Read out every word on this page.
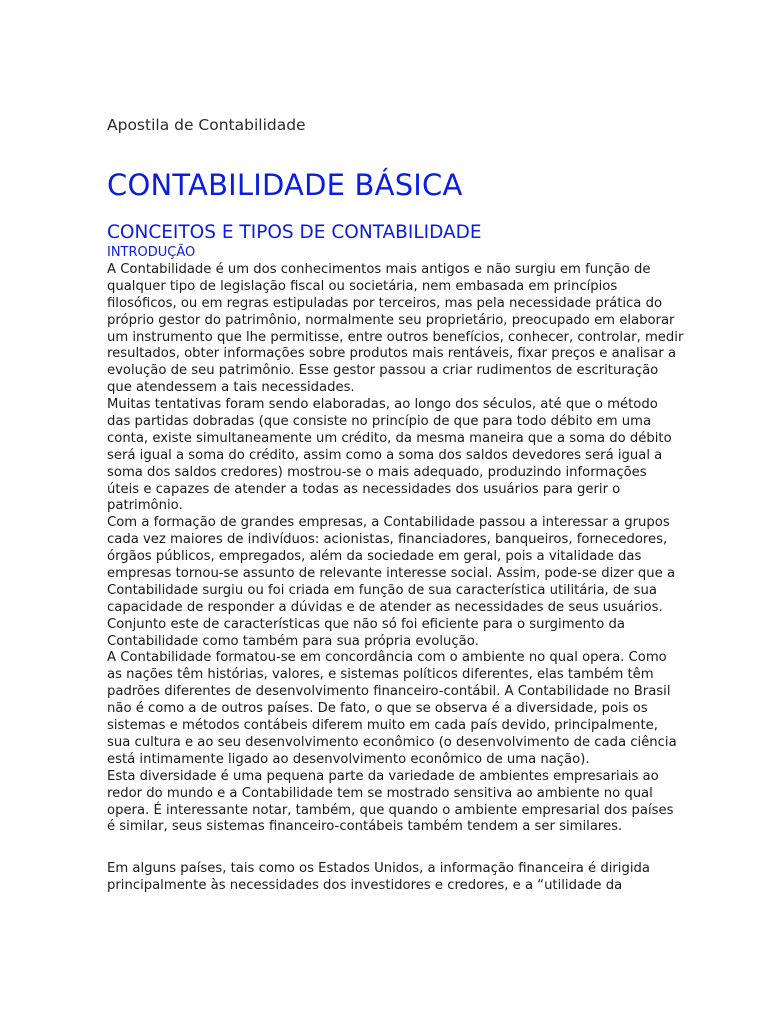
Apostila de Contabilidade
CONTABILIDADE BÁSICA
CONCEITOS E TIPOS DE CONTABILIDADE
INTRODUÇÃO
A Contabilidade é um dos conhecimentos mais antigos e não surgiu em função de
qualquer tipo de legislação fiscal ou societária, nem embasada em princípios
filosóficos, ou em regras estipuladas por terceiros, mas pela necessidade prática do
próprio gestor do patrimônio, normalmente seu proprietário, preocupado em elaborar
um instrumento que lhe permitisse, entre outros benefícios, conhecer, controlar, medir
resultados, obter informações sobre produtos mais rentáveis, fixar preços e analisar a
evolução de seu patrimônio. Esse gestor passou a criar rudimentos de escrituração
que atendessem a tais necessidades.
Muitas tentativas foram sendo elaboradas, ao longo dos séculos, até que o método
das partidas dobradas (que consiste no princípio de que para todo débito em uma
conta, existe simultaneamente um crédito, da mesma maneira que a soma do débito
será igual a soma do crédito, assim como a soma dos saldos devedores será igual a
soma dos saldos credores) mostrou-se o mais adequado, produzindo informações
úteis e capazes de atender a todas as necessidades dos usuários para gerir o
patrimônio.
Com a formação de grandes empresas, a Contabilidade passou a interessar a grupos
cada vez maiores de indivíduos: acionistas, financiadores, banqueiros, fornecedores,
órgãos públicos, empregados, além da sociedade em geral, pois a vitalidade das
empresas tornou-se assunto de relevante interesse social. Assim, pode-se dizer que a
Contabilidade surgiu ou foi criada em função de sua característica utilitária, de sua
capacidade de responder a dúvidas e de atender as necessidades de seus usuários.
Conjunto este de características que não só foi eficiente para o surgimento da
Contabilidade como também para sua própria evolução.
A Contabilidade formatou-se em concordância com o ambiente no qual opera. Como
as nações têm histórias, valores, e sistemas políticos diferentes, elas também têm
padrões diferentes de desenvolvimento financeiro-contábil. A Contabilidade no Brasil
não é como a de outros países. De fato, o que se observa é a diversidade, pois os
sistemas e métodos contábeis diferem muito em cada país devido, principalmente,
sua cultura e ao seu desenvolvimento econômico (o desenvolvimento de cada ciência
está intimamente ligado ao desenvolvimento econômico de uma nação).
Esta diversidade é uma pequena parte da variedade de ambientes empresariais ao
redor do mundo e a Contabilidade tem se mostrado sensitiva ao ambiente no qual
opera. É interessante notar, também, que quando o ambiente empresarial dos países
é similar, seus sistemas financeiro-contábeis também tendem a ser similares.
Em alguns países, tais como os Estados Unidos, a informação financeira é dirigida
principalmente às necessidades dos investidores e credores, e a “utilidade da
